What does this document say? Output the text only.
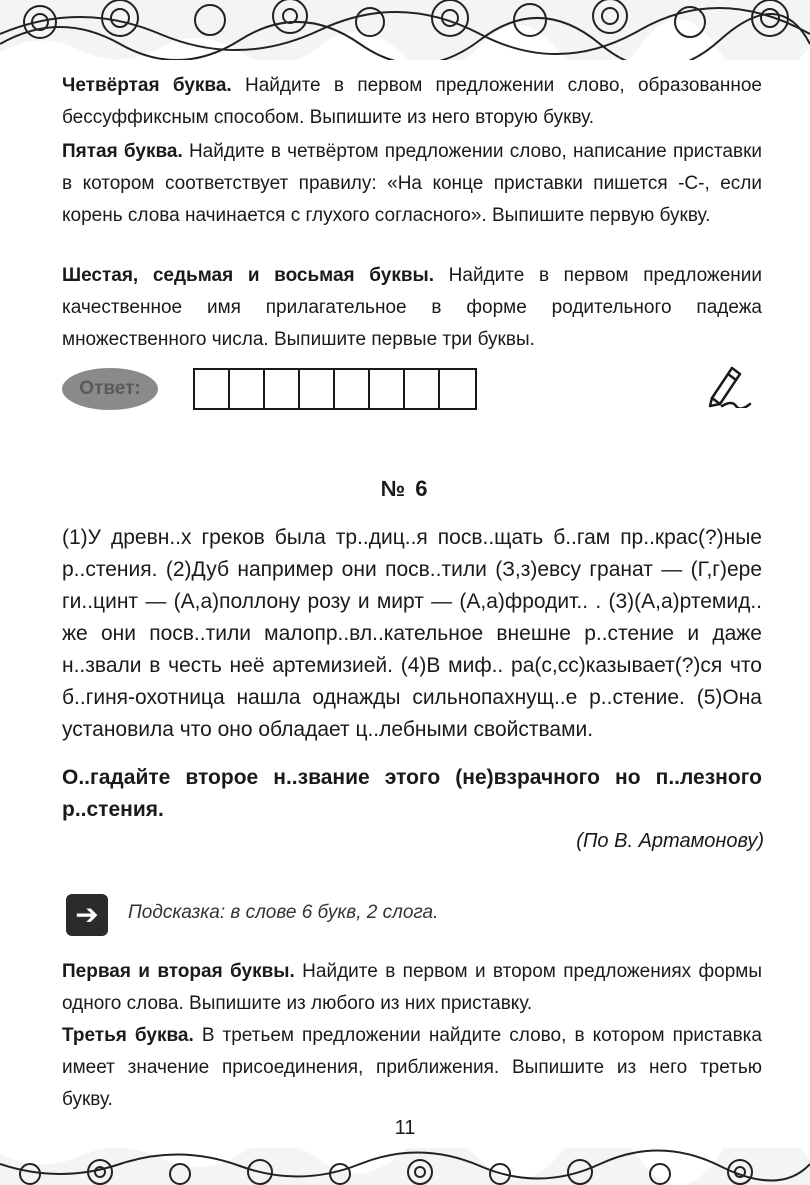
Четвёртая буква. Найдите в первом предложении слово, образованное бессуффиксным способом. Выпишите из него вторую букву.

Пятая буква. Найдите в четвёртом предложении слово, написание приставки в котором соответствует правилу: «На конце приставки пишется -С-, если корень слова начинается с глухого согласного». Выпишите первую букву.

Шестая, седьмая и восьмая буквы. Найдите в первом предложении качественное имя прилагательное в форме родительного падежа множественного числа. Выпишите первые три буквы.

Ответ:
№ 6

(1)У древн..х греков была тр..диц..я посв..щать б..гам пр..крас(?)ные р..стения. (2)Дуб например они посв..тили (З,з)евсу гранат — (Г,г)ере ги..цинт — (А,а)поллону розу и мирт — (А,а)фродит.. . (3)(А,а)ртемид.. же они посв..тили малопр..вл..кательное внешне р..стение и даже н..звали в честь неё артемизией. (4)В миф.. ра(с,сс)казывает(?)ся что б..гиня-охотница нашла однажды сильнопахнущ..е р..стение. (5)Она установила что оно обладает ц..лебными свойствами.

О..гадайте второе н..звание этого (не)взрачного но п..лезного р..стения.

(По В. Артамонову)
➔	Подсказка: в слове 6 букв, 2 слога.

Первая и вторая буквы. Найдите в первом и втором предложениях формы одного слова. Выпишите из любого из них приставку.

Третья буква. В третьем предложении найдите слово, в котором приставка имеет значение присоединения, приближения. Выпишите из него третью букву.

11
